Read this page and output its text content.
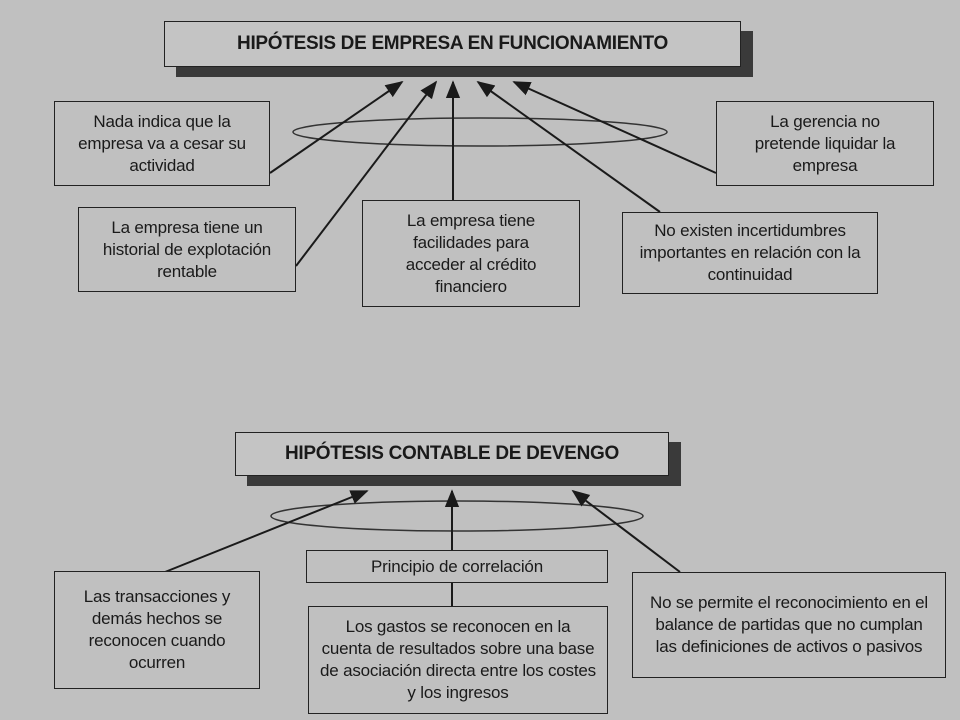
HIPÓTESIS DE EMPRESA EN FUNCIONAMIENTO
Nada indica que la empresa va a cesar su actividad
La empresa tiene un historial de explotación rentable
La empresa tiene facilidades para acceder al crédito financiero
No existen incertidumbres importantes en relación con la continuidad
La gerencia no pretende liquidar la empresa
HIPÓTESIS CONTABLE DE DEVENGO
Las transacciones y demás hechos se reconocen cuando ocurren
Principio de correlación
Los gastos se reconocen en la cuenta de resultados sobre una base de asociación directa entre los costes y los ingresos
No se permite el reconocimiento en el balance de partidas que no cumplan las definiciones de activos o pasivos
